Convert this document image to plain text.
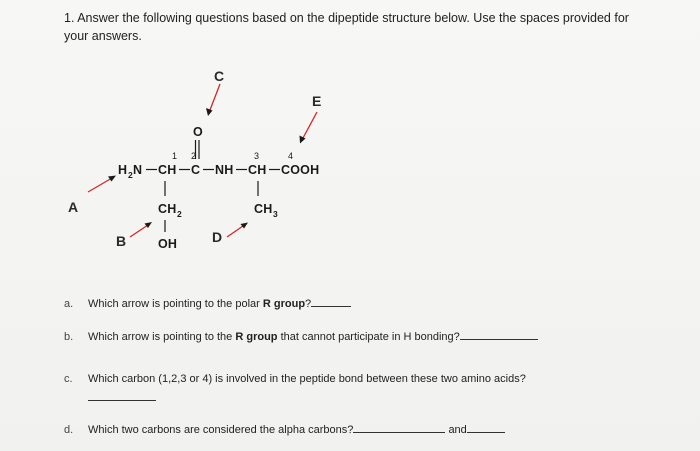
1. Answer the following questions based on the dipeptide structure below. Use the spaces provided for
your answers.
H 2 N CH C NH CH COOH
1 2	3	4
O
CH 2
OH
CH 3
A
B
C
D
E
a. Which arrow is pointing to the polar R group?
b. Which arrow is pointing to the R group that cannot participate in H bonding?
c. Which carbon (1,2,3 or 4) is involved in the peptide bond between these two amino acids?
d. Which two carbons are considered the alpha carbons?	and
